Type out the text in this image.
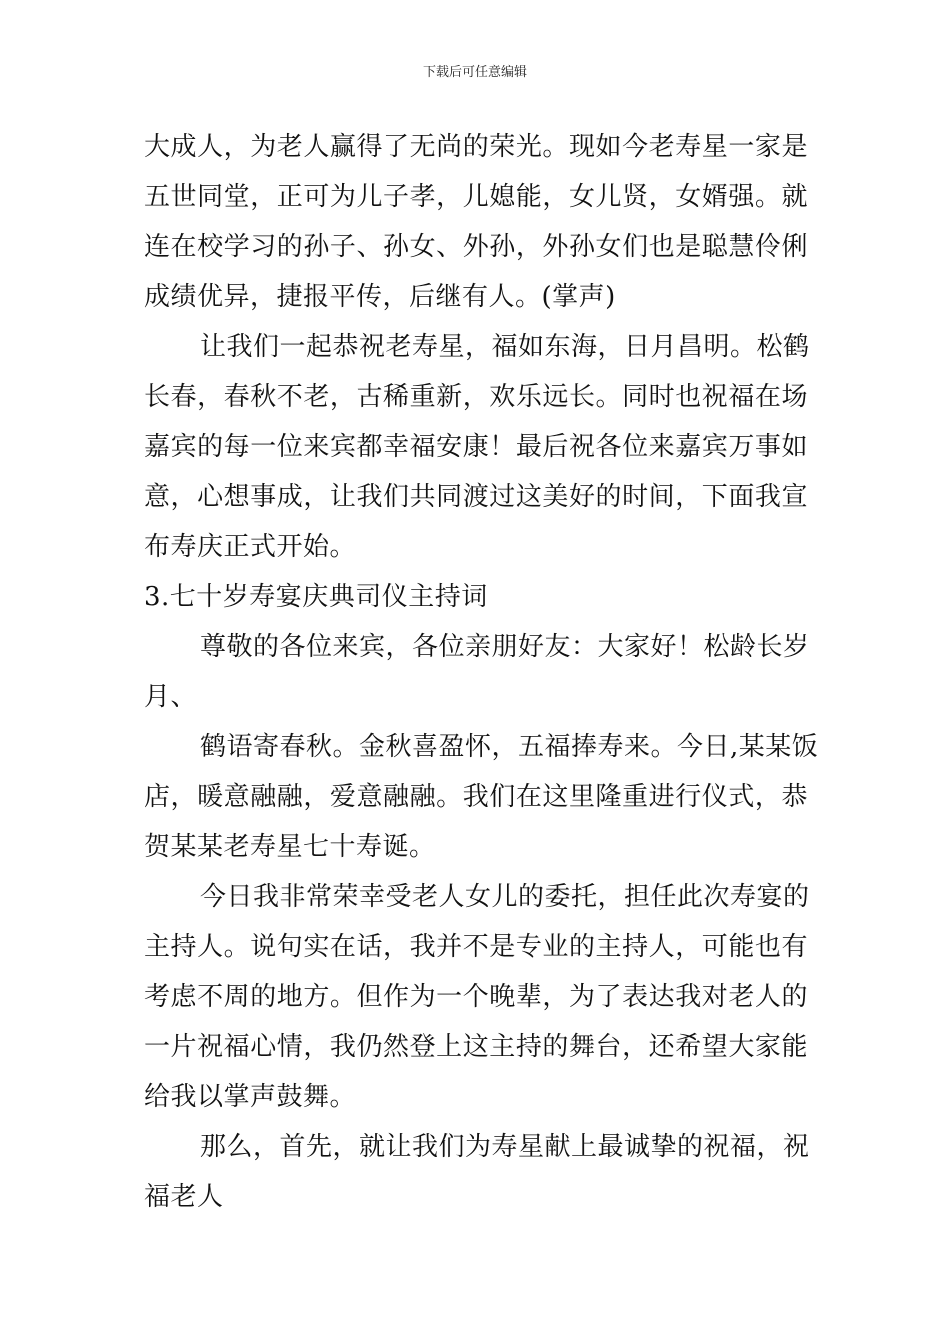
下载后可任意编辑
大成人，为老人赢得了无尚的荣光。现如今老寿星一家是
五世同堂，正可为儿子孝，儿媳能，女儿贤，女婿强。就
连在校学习的孙子、孙女、外孙，外孙女们也是聪慧伶俐
成绩优异，捷报平传，后继有人。(掌声)
让我们一起恭祝老寿星，福如东海，日月昌明。松鹤
长春，春秋不老，古稀重新，欢乐远长。同时也祝福在场
嘉宾的每一位来宾都幸福安康！最后祝各位来嘉宾万事如
意，心想事成，让我们共同渡过这美好的时间，下面我宣
布寿庆正式开始。
3.七十岁寿宴庆典司仪主持词
尊敬的各位来宾，各位亲朋好友：大家好！松龄长岁
月、
鹤语寄春秋。金秋喜盈怀，五福捧寿来。今日,某某饭
店，暖意融融，爱意融融。我们在这里隆重进行仪式，恭
贺某某老寿星七十寿诞。
今日我非常荣幸受老人女儿的委托，担任此次寿宴的
主持人。说句实在话，我并不是专业的主持人，可能也有
考虑不周的地方。但作为一个晚辈，为了表达我对老人的
一片祝福心情，我仍然登上这主持的舞台，还希望大家能
给我以掌声鼓舞。
那么，首先，就让我们为寿星献上最诚挚的祝福，祝
福老人
